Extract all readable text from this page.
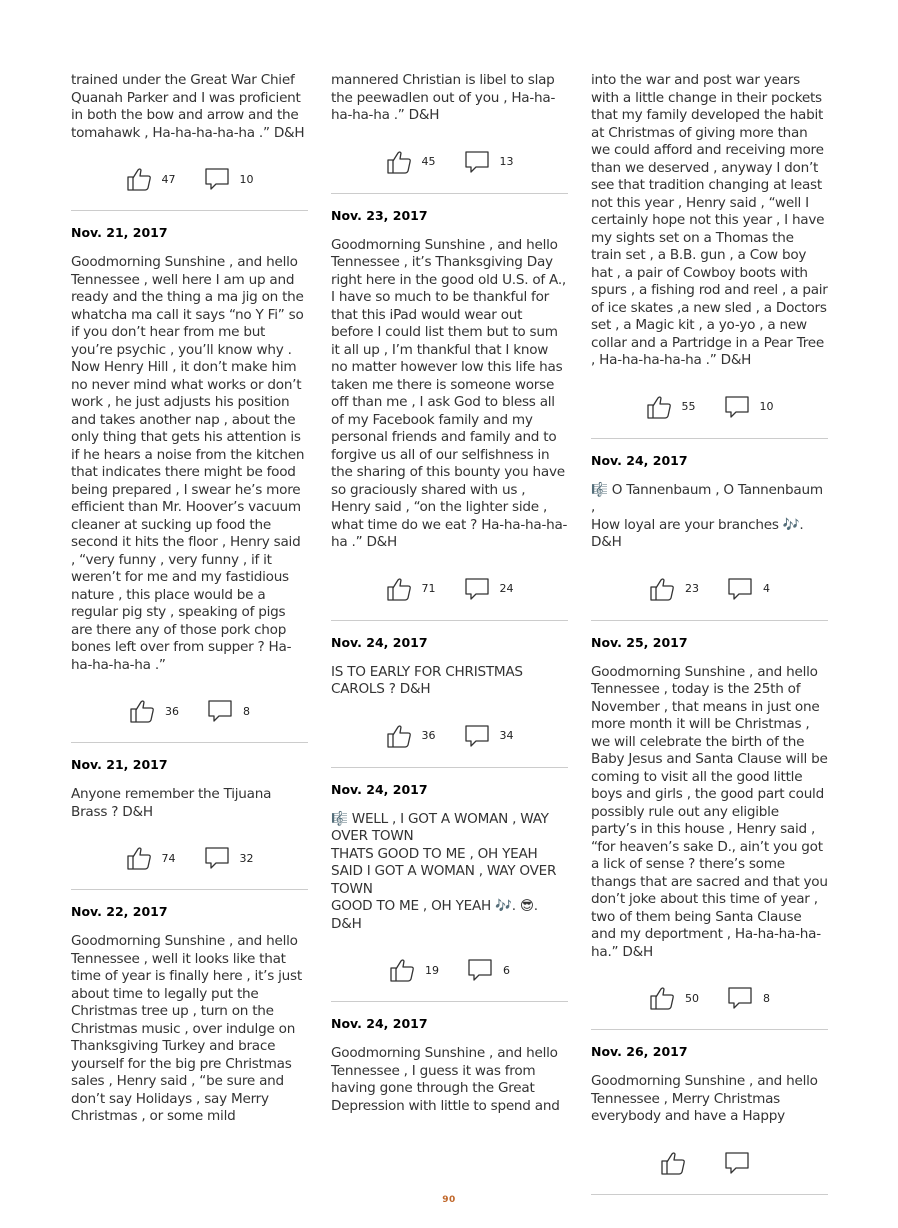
trained under the Great War Chief Quanah Parker and I was proficient in both the bow and arrow and the tomahawk , Ha-ha-ha-ha-ha .” D&H
47	10
Nov. 21, 2017
Goodmorning Sunshine , and hello Tennessee , well here I am up and ready and the thing a ma jig on the whatcha ma call it says “no Y Fi” so if you don’t hear from me but you’re psychic , you’ll know why . Now Henry Hill , it don’t make him no never mind what works or don’t work , he just adjusts his position and takes another nap , about the only thing that gets his attention is if he hears a noise from the kitchen that indicates there might be food being prepared , I swear he’s more efficient than Mr. Hoover’s vacuum cleaner at sucking up food the second it hits the floor , Henry said , “very funny , very funny , if it weren’t for me and my fastidious nature , this place would be a regular pig sty , speaking of pigs are there any of those pork chop bones left over from supper ? Ha-ha-ha-ha-ha .”
36	8
Nov. 21, 2017
Anyone remember the Tijuana Brass ? D&H
74	32
Nov. 22, 2017
Goodmorning Sunshine , and hello Tennessee , well it looks like that time of year is finally here , it’s just about time to legally put the Christmas tree up , turn on the Christmas music , over indulge on Thanksgiving Turkey and brace yourself for the big pre Christmas sales , Henry said , “be sure and don’t say Holidays , say Merry Christmas , or some mild
mannered Christian is libel to slap the peewadlen out of you , Ha-ha-ha-ha-ha .” D&H
45	13
Nov. 23, 2017
Goodmorning Sunshine , and hello Tennessee , it’s Thanksgiving Day right here in the good old U.S. of A., I have so much to be thankful for that this iPad would wear out before I could list them but to sum it all up , I’m thankful that I know no matter however low this life has taken me there is someone worse off than me , I ask God to bless all of my Facebook family and my personal friends and family and to forgive us all of our selfishness in the sharing of this bounty you have so graciously shared with us , Henry said , “on the lighter side , what time do we eat ? Ha-ha-ha-ha-ha .” D&H
71	24
Nov. 24, 2017
IS TO EARLY FOR CHRISTMAS CAROLS ? D&H
36	34
Nov. 24, 2017
🎼 WELL , I GOT A WOMAN , WAY OVER TOWN
THATS GOOD TO ME , OH YEAH SAID I GOT A WOMAN , WAY OVER TOWN
GOOD TO ME , OH YEAH 🎶. 😎. D&H
19	6
Nov. 24, 2017
Goodmorning Sunshine , and hello Tennessee , I guess it was from having gone through the Great Depression with little to spend and
into the war and post war years with a little change in their pockets that my family developed the habit at Christmas of giving more than we could afford and receiving more than we deserved , anyway I don’t see that tradition changing at least not this year , Henry said , “well I certainly hope not this year , I have my sights set on a Thomas the train set , a B.B. gun , a Cow boy hat , a pair of Cowboy boots with spurs , a fishing rod and reel , a pair of ice skates ,a new sled , a Doctors set , a Magic kit , a yo-yo , a new collar and a Partridge in a Pear Tree , Ha-ha-ha-ha-ha .” D&H
55	10
Nov. 24, 2017
🎼 O Tannenbaum , O Tannenbaum ,
How loyal are your branches 🎶. D&H
23	4
Nov. 25, 2017
Goodmorning Sunshine , and hello Tennessee , today is the 25th of November , that means in just one more month it will be Christmas , we will celebrate the birth of the Baby Jesus and Santa Clause will be coming to visit all the good little boys and girls , the good part could possibly rule out any eligible party’s in this house , Henry said , “for heaven’s sake D., ain’t you got a lick of sense ? there’s some thangs that are sacred and that you don’t joke about this time of year , two of them being Santa Clause and my deportment , Ha-ha-ha-ha-ha.” D&H
50	8
Nov. 26, 2017
Goodmorning Sunshine , and hello Tennessee , Merry Christmas everybody and have a Happy
90
